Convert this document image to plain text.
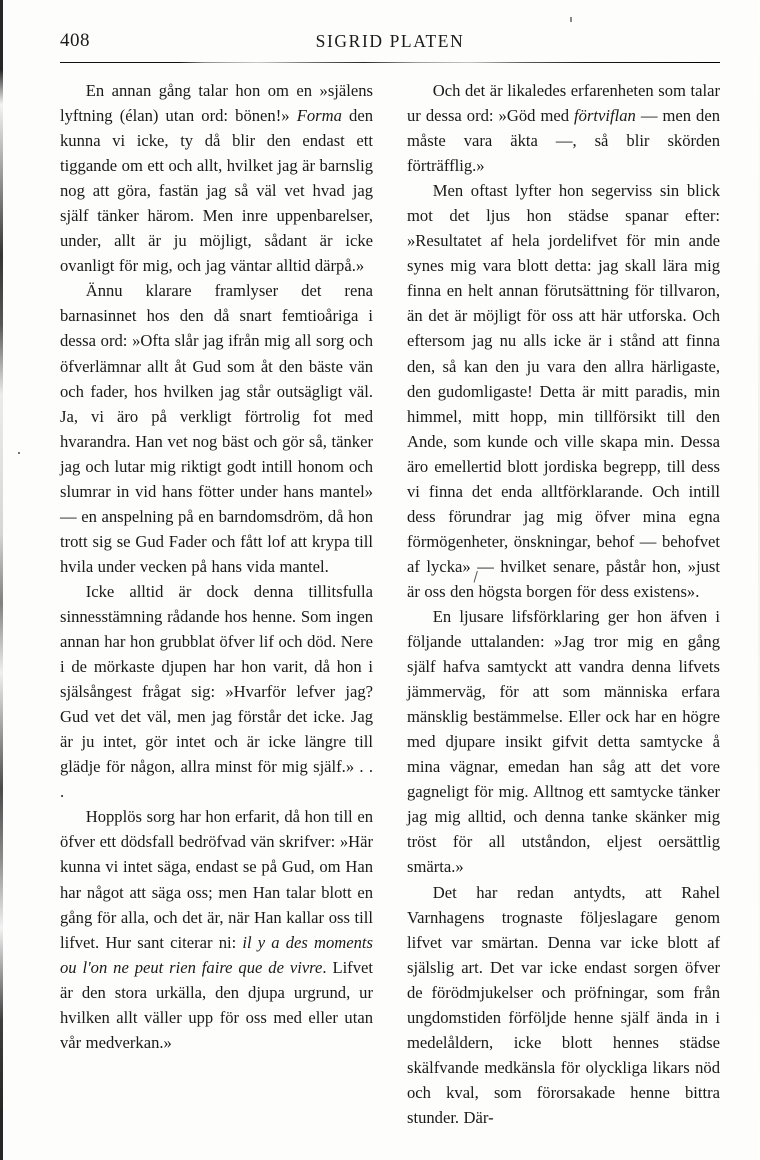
408	SIGRID PLATEN

En annan gång talar hon om en »själens lyftning (élan) utan ord: bönen!» Forma den kunna vi icke, ty då blir den endast ett tiggande om ett och allt, hvilket jag är barnslig nog att göra, fastän jag så väl vet hvad jag själf tänker härom. Men inre uppenbarelser, under, allt är ju möjligt, sådant är icke ovanligt för mig, och jag väntar alltid därpå.»

Ännu klarare framlyser det rena barnasinnet hos den då snart femtioåriga i dessa ord: »Ofta slår jag ifrån mig all sorg och öfverlämnar allt åt Gud som åt den bäste vän och fader, hos hvilken jag står outsägligt väl. Ja, vi äro på verkligt förtrolig fot med hvarandra. Han vet nog bäst och gör så, tänker jag och lutar mig riktigt godt intill honom och slumrar in vid hans fötter under hans mantel» — en anspelning på en barndomsdröm, då hon trott sig se Gud Fader och fått lof att krypa till hvila under vecken på hans vida mantel.

Icke alltid är dock denna tillitsfulla sinnesstämning rådande hos henne. Som ingen annan har hon grubblat öfver lif och död. Nere i de mörkaste djupen har hon varit, då hon i själsångest frågat sig: »Hvarför lefver jag? Gud vet det väl, men jag förstår det icke. Jag är ju intet, gör intet och är icke längre till glädje för någon, allra minst för mig själf.» . . .

Hopplös sorg har hon erfarit, då hon till en öfver ett dödsfall bedröfvad vän skrifver: »Här kunna vi intet säga, endast se på Gud, om Han har något att säga oss; men Han talar blott en gång för alla, och det är, när Han kallar oss till lifvet. Hur sant citerar ni: il y a des moments ou l'on ne peut rien faire que de vivre. Lifvet är den stora urkälla, den djupa urgrund, ur hvilken allt väller upp för oss med eller utan vår medverkan.»

Och det är likaledes erfarenheten som talar ur dessa ord: »Göd med förtviflan — men den måste vara äkta —, så blir skörden förträfflig.»

Men oftast lyfter hon segerviss sin blick mot det ljus hon städse spanar efter: »Resultatet af hela jordelifvet för min ande synes mig vara blott detta: jag skall lära mig finna en helt annan förutsättning för tillvaron, än det är möjligt för oss att här utforska. Och eftersom jag nu alls icke är i stånd att finna den, så kan den ju vara den allra härligaste, den gudomligaste! Detta är mitt paradis, min himmel, mitt hopp, min tillförsikt till den Ande, som kunde och ville skapa min. Dessa äro emellertid blott jordiska begrepp, till dess vi finna det enda alltförklarande. Och intill dess förundrar jag mig öfver mina egna förmögenheter, önskningar, behof — behofvet af lycka» — hvilket senare, påstår hon, »just är oss den högsta borgen för dess existens».

En ljusare lifsförklaring ger hon äfven i följande uttalanden: »Jag tror mig en gång själf hafva samtyckt att vandra denna lifvets jämmerväg, för att som människa erfara mänsklig bestämmelse. Eller ock har en högre med djupare insikt gifvit detta samtycke å mina vägnar, emedan han såg att det vore gagneligt för mig. Alltnog ett samtycke tänker jag mig alltid, och denna tanke skänker mig tröst för all utståndon, eljest oersättlig smärta.»

Det har redan antydts, att Rahel Varnhagens trognaste följeslagare genom lifvet var smärtan. Denna var icke blott af själslig art. Det var icke endast sorgen öfver de förödmjukelser och pröfningar, som från ungdomstiden förföljde henne själf ända in i medelåldern, icke blott hennes städse skälfvande medkänsla för olyckliga likars nöd och kval, som förorsakade henne bittra stunder. Där-
